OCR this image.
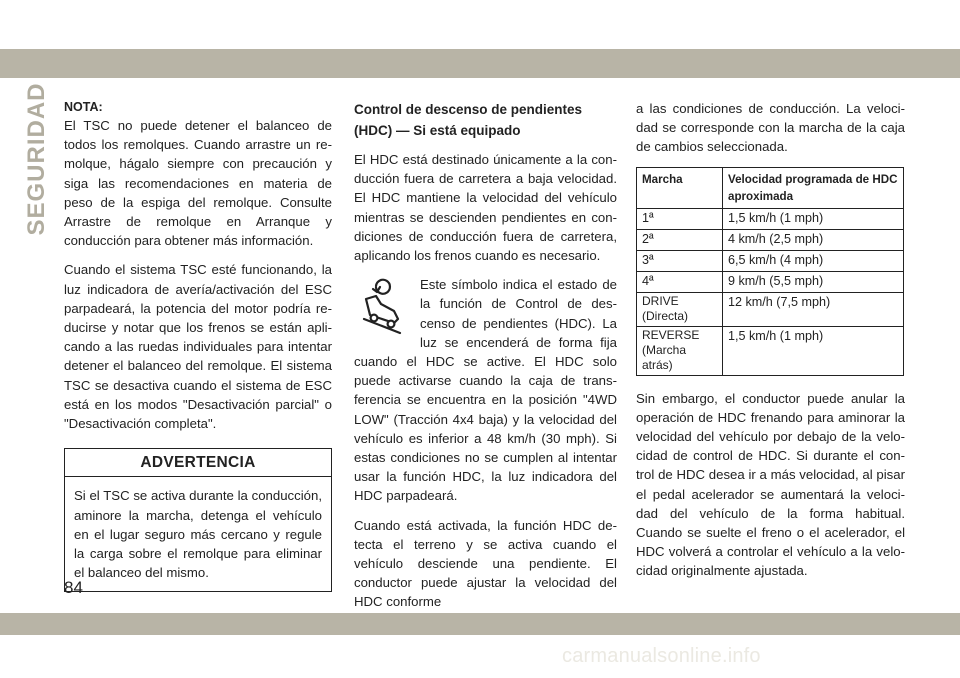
SEGURIDAD NOTA:

El TSC no puede detener el balanceo de todos los remolques. Cuando arrastre un re-molque, hágalo siempre con precaución y siga las recomendaciones en materia de peso de la espiga del remolque. Consulte Arrastre de remolque en Arranque y conducción para obtener más información.

Cuando el sistema TSC esté funcionando, la luz indicadora de avería/activación del ESC parpadeará, la potencia del motor podría re-ducirse y notar que los frenos se están apli-cando a las ruedas individuales para intentar detener el balanceo del remolque. El sistema TSC se desactiva cuando el sistema de ESC está en los modos "Desactivación parcial" o "Desactivación completa".

ADVERTENCIA
Si el TSC se activa durante la conducción, aminore la marcha, detenga el vehículo en el lugar seguro más cercano y regule la carga sobre el remolque para eliminar el balanceo del mismo.
Control de descenso de pendientes
(HDC) — Si está equipado

El HDC está destinado únicamente a la con-ducción fuera de carretera a baja velocidad. El HDC mantiene la velocidad del vehículo mientras se descienden pendientes en con-diciones de conducción fuera de carretera, aplicando los frenos cuando es necesario.

Este símbolo indica el estado de la función de Control de des-censo de pendientes (HDC). La luz se encenderá de forma fija cuando el HDC se active. El HDC solo puede activarse cuando la caja de trans-ferencia se encuentra en la posición "4WD LOW" (Tracción 4x4 baja) y la velocidad del vehículo es inferior a 48 km/h (30 mph). Si estas condiciones no se cumplen al intentar usar la función HDC, la luz indicadora del HDC parpadeará.

Cuando está activada, la función HDC de-tecta el terreno y se activa cuando el vehículo desciende una pendiente. El conductor puede ajustar la velocidad del HDC conforme

a las condiciones de conducción. La veloci-dad se corresponde con la marcha de la caja de cambios seleccionada.

Marcha	Velocidad programada de HDC aproximada
1ª	1,5 km/h (1 mph)
2ª	4 km/h (2,5 mph)
3ª	6,5 km/h (4 mph)
4ª	9 km/h (5,5 mph)

DRIVE
(Directa)	12 km/h (7,5 mph)

REVERSE
(Marcha atrás)	1,5 km/h (1 mph)

Sin embargo, el conductor puede anular la operación de HDC frenando para aminorar la velocidad del vehículo por debajo de la velo-cidad de control de HDC. Si durante el con-trol de HDC desea ir a más velocidad, al pisar el pedal acelerador se aumentará la veloci-dad del vehículo de la forma habitual. Cuando se suelte el freno o el acelerador, el HDC volverá a controlar el vehículo a la velo-cidad originalmente ajustada.

84
carmanualsonline.info
